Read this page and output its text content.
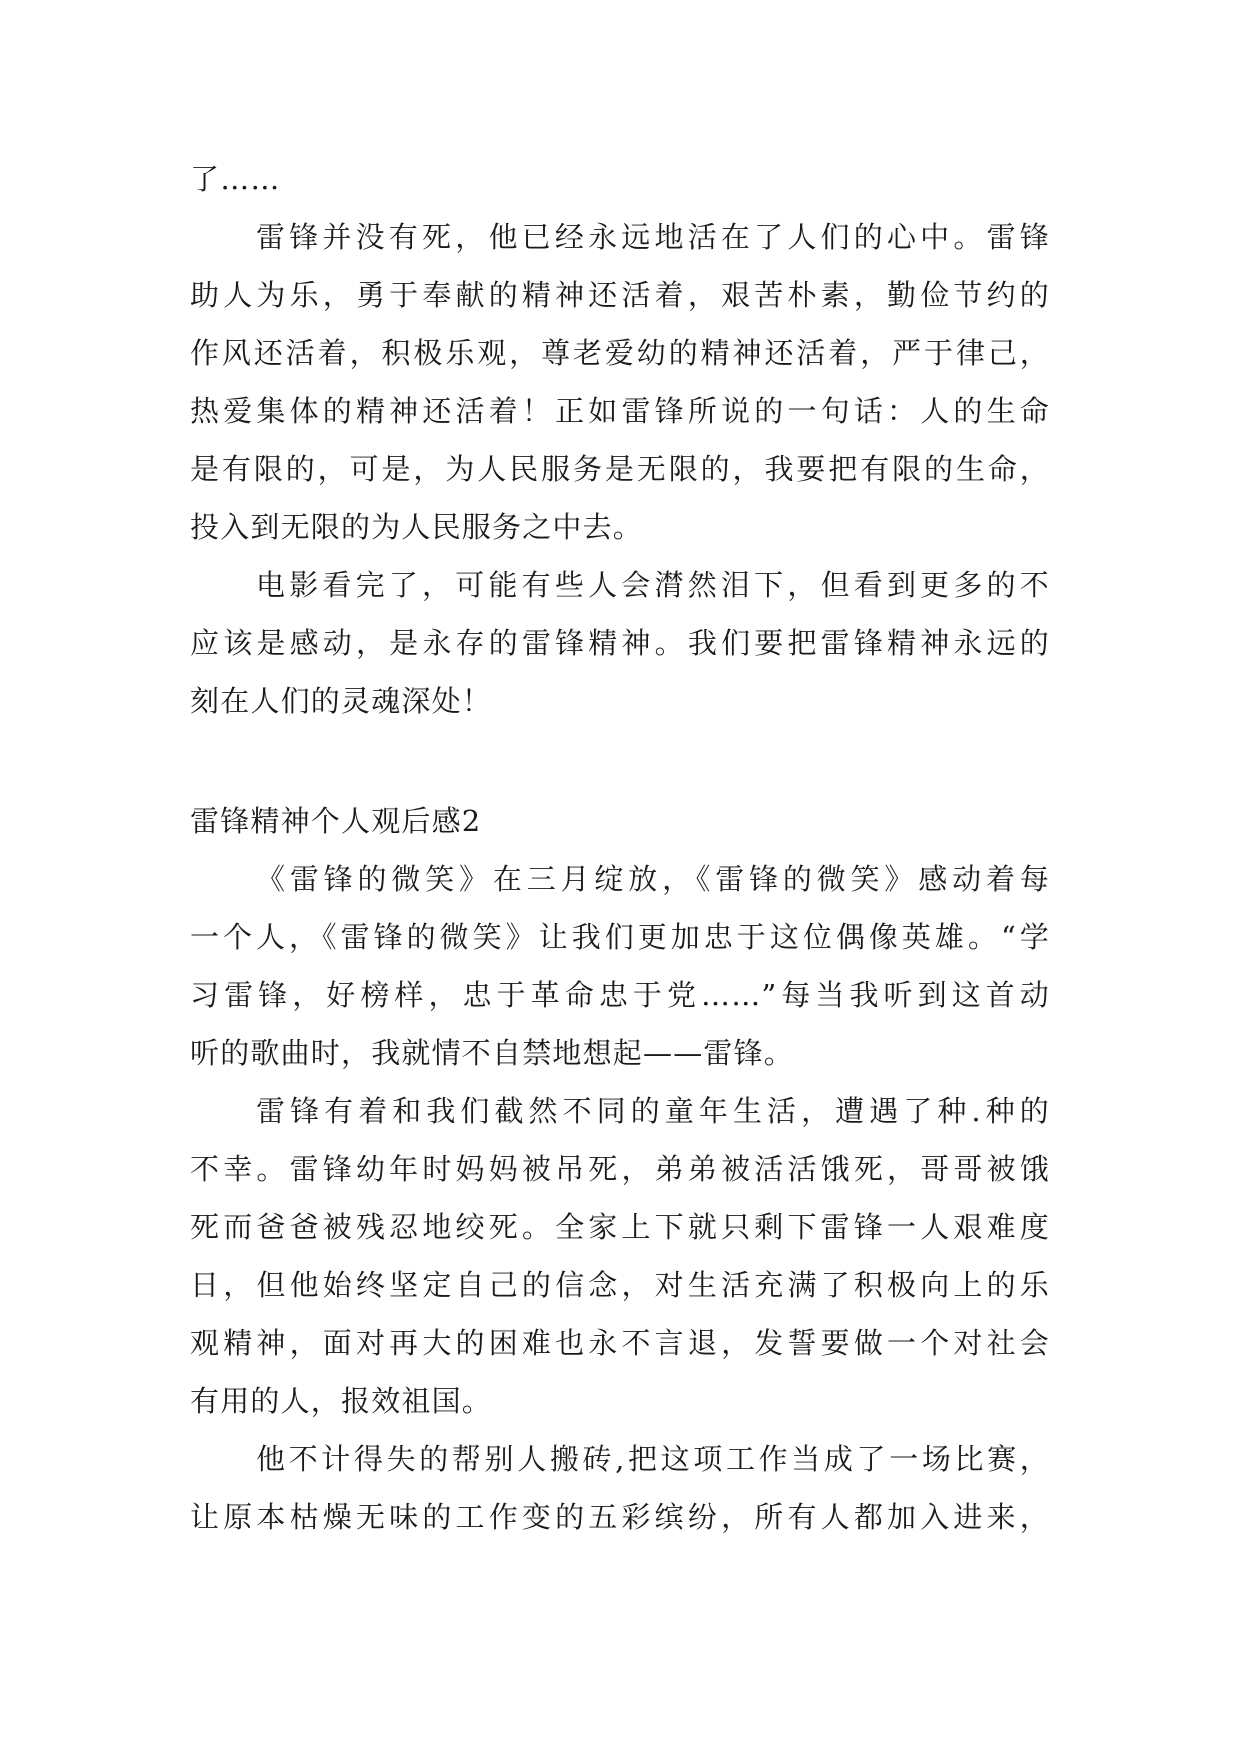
了……
雷锋并没有死，他已经永远地活在了人们的心中。雷锋
助人为乐，勇于奉献的精神还活着，艰苦朴素，勤俭节约的
作风还活着，积极乐观，尊老爱幼的精神还活着，严于律己，
热爱集体的精神还活着！正如雷锋所说的一句话：人的生命
是有限的，可是，为人民服务是无限的，我要把有限的生命，
投入到无限的为人民服务之中去。
电影看完了，可能有些人会潸然泪下，但看到更多的不
应该是感动，是永存的雷锋精神。我们要把雷锋精神永远的
刻在人们的灵魂深处！
雷锋精神个人观后感2
《雷锋的微笑》在三月绽放，《雷锋的微笑》感动着每
一个人，《雷锋的微笑》让我们更加忠于这位偶像英雄。“学
习雷锋，好榜样，忠于革命忠于党……”每当我听到这首动
听的歌曲时，我就情不自禁地想起——雷锋。
雷锋有着和我们截然不同的童年生活，遭遇了种.种的
不幸。雷锋幼年时妈妈被吊死，弟弟被活活饿死，哥哥被饿
死而爸爸被残忍地绞死。全家上下就只剩下雷锋一人艰难度
日，但他始终坚定自己的信念，对生活充满了积极向上的乐
观精神，面对再大的困难也永不言退，发誓要做一个对社会
有用的人，报效祖国。
他不计得失的帮别人搬砖,把这项工作当成了一场比赛，
让原本枯燥无味的工作变的五彩缤纷，所有人都加入进来，
